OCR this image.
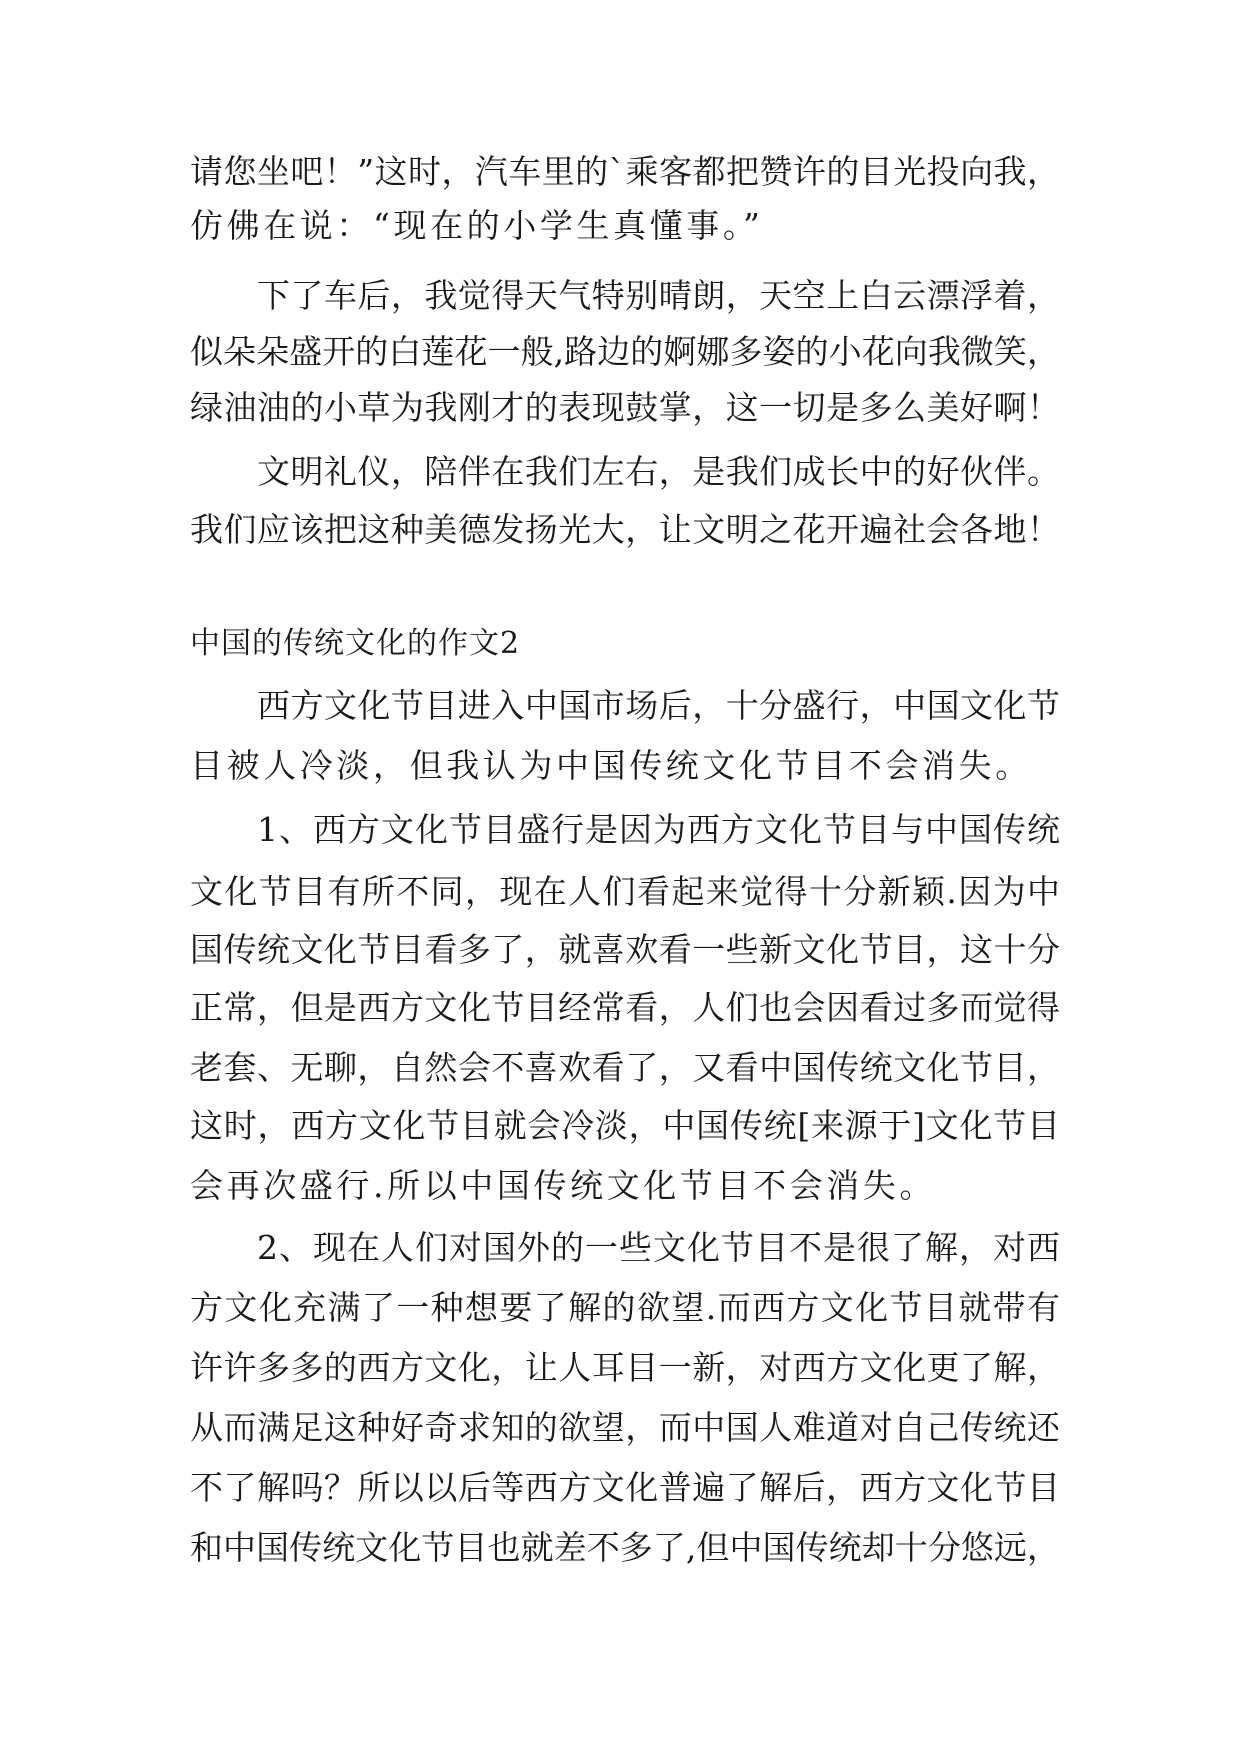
请您坐吧！”这时，汽车里的`乘客都把赞许的目光投向我，
仿佛在说：“现在的小学生真懂事。”
下了车后，我觉得天气特别晴朗，天空上白云漂浮着，
似朵朵盛开的白莲花一般,路边的婀娜多姿的小花向我微笑，
绿油油的小草为我刚才的表现鼓掌，这一切是多么美好啊！
文明礼仪，陪伴在我们左右，是我们成长中的好伙伴。
我们应该把这种美德发扬光大，让文明之花开遍社会各地！
中国的传统文化的作文2
西方文化节目进入中国市场后，十分盛行，中国文化节
目被人冷淡，但我认为中国传统文化节目不会消失。
1、西方文化节目盛行是因为西方文化节目与中国传统
文化节目有所不同，现在人们看起来觉得十分新颖.因为中
国传统文化节目看多了，就喜欢看一些新文化节目，这十分
正常，但是西方文化节目经常看，人们也会因看过多而觉得
老套、无聊，自然会不喜欢看了，又看中国传统文化节目，
这时，西方文化节目就会冷淡，中国传统[来源于]文化节目
会再次盛行.所以中国传统文化节目不会消失。
2、现在人们对国外的一些文化节目不是很了解，对西
方文化充满了一种想要了解的欲望.而西方文化节目就带有
许许多多的西方文化，让人耳目一新，对西方文化更了解，
从而满足这种好奇求知的欲望，而中国人难道对自己传统还
不了解吗？所以以后等西方文化普遍了解后，西方文化节目
和中国传统文化节目也就差不多了,但中国传统却十分悠远，
